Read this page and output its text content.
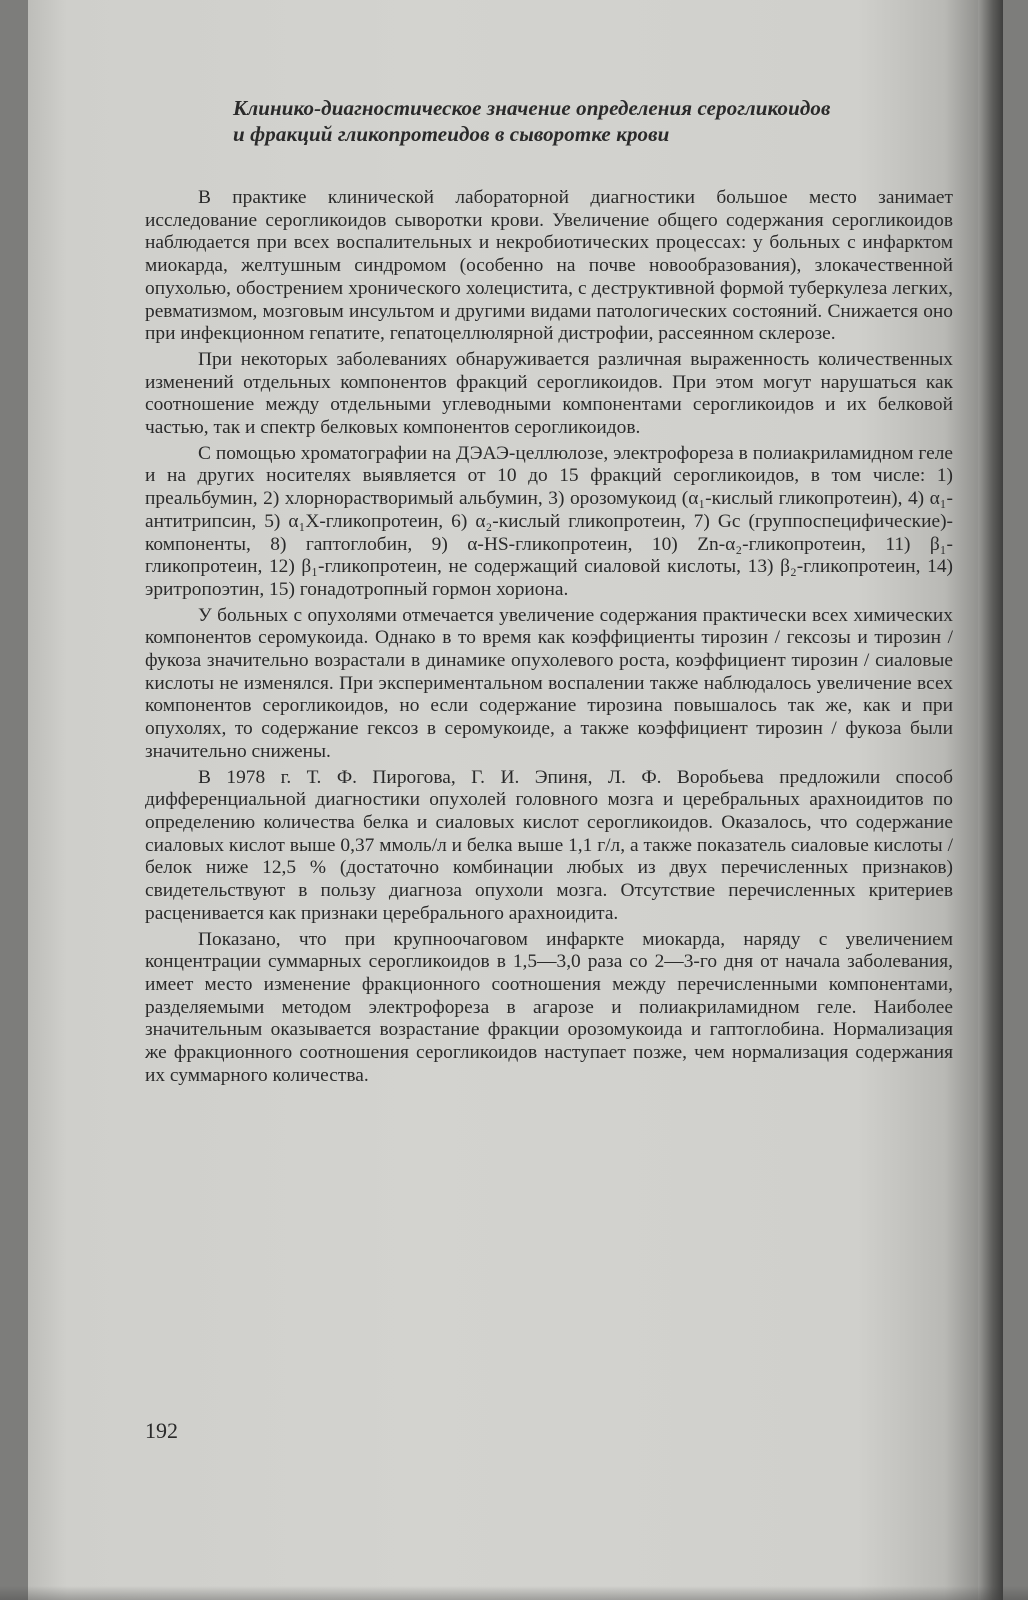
Клинико-диагностическое значение определения серогликоидов
и фракций гликопротеидов в сыворотке крови

В практике клинической лабораторной диагностики большое место занимает исследование серогликоидов сыворотки крови. Увеличение общего содержания серогликоидов наблюдается при всех воспалительных и некробиотических процессах: у больных с инфарктом миокарда, желтушным синдромом (особенно на почве новообразования), злокачественной опухолью, обострением хронического холецистита, с деструктивной формой туберкулеза легких, ревматизмом, мозговым инсультом и другими видами патологических состояний. Снижается оно при инфекционном гепатите, гепатоцеллюлярной дистрофии, рассеянном склерозе.

При некоторых заболеваниях обнаруживается различная выраженность количественных изменений отдельных компонентов фракций серогликоидов. При этом могут нарушаться как соотношение между отдельными углеводными компонентами серогликоидов и их белковой частью, так и спектр белковых компонентов серогликоидов.

С помощью хроматографии на ДЭАЭ-целлюлозе, электрофореза в полиакриламидном геле и на других носителях выявляется от 10 до 15 фракций серогликоидов, в том числе: 1) преальбумин, 2) хлорнорастворимый альбумин, 3) орозомукоид (α₁-кислый гликопротеин), 4) α₁-антитрипсин, 5) α₁X-гликопротеин, 6) α₂-кислый гликопротеин, 7) Gc (группоспецифические)-компоненты, 8) гаптоглобин, 9) α-HS-гликопротеин, 10) Zn-α₂-гликопротеин, 11) β₁-гликопротеин, 12) β₁-гликопротеин, не содержащий сиаловой кислоты, 13) β₂-гликопротеин, 14) эритропоэтин, 15) гонадотропный гормон хориона.

У больных с опухолями отмечается увеличение содержания практически всех химических компонентов серомукоида. Однако в то время как коэффициенты тирозин / гексозы и тирозин / фукоза значительно возрастали в динамике опухолевого роста, коэффициент тирозин / сиаловые кислоты не изменялся. При экспериментальном воспалении также наблюдалось увеличение всех компонентов серогликоидов, но если содержание тирозина повышалось так же, как и при опухолях, то содержание гексоз в серомукоиде, а также коэффициент тирозин / фукоза были значительно снижены.

В 1978 г. Т. Ф. Пирогова, Г. И. Эпиня, Л. Ф. Воробьева предложили способ дифференциальной диагностики опухолей головного мозга и церебральных арахноидитов по определению количества белка и сиаловых кислот серогликоидов. Оказалось, что содержание сиаловых кислот выше 0,37 ммоль/л и белка выше 1,1 г/л, а также показатель сиаловые кислоты / белок ниже 12,5 % (достаточно комбинации любых из двух перечисленных признаков) свидетельствуют в пользу диагноза опухоли мозга. Отсутствие перечисленных критериев расценивается как признаки церебрального арахноидита.

Показано, что при крупноочаговом инфаркте миокарда, наряду с увеличением концентрации суммарных серогликоидов в 1,5—3,0 раза со 2—3-го дня от начала заболевания, имеет место изменение фракционного соотношения между перечисленными компонентами, разделяемыми методом электрофореза в агарозе и полиакриламидном геле. Наиболее значительным оказывается возрастание фракции орозомукоида и гаптоглобина. Нормализация же фракционного соотношения серогликоидов наступает позже, чем нормализация содержания их суммарного количества.

192
